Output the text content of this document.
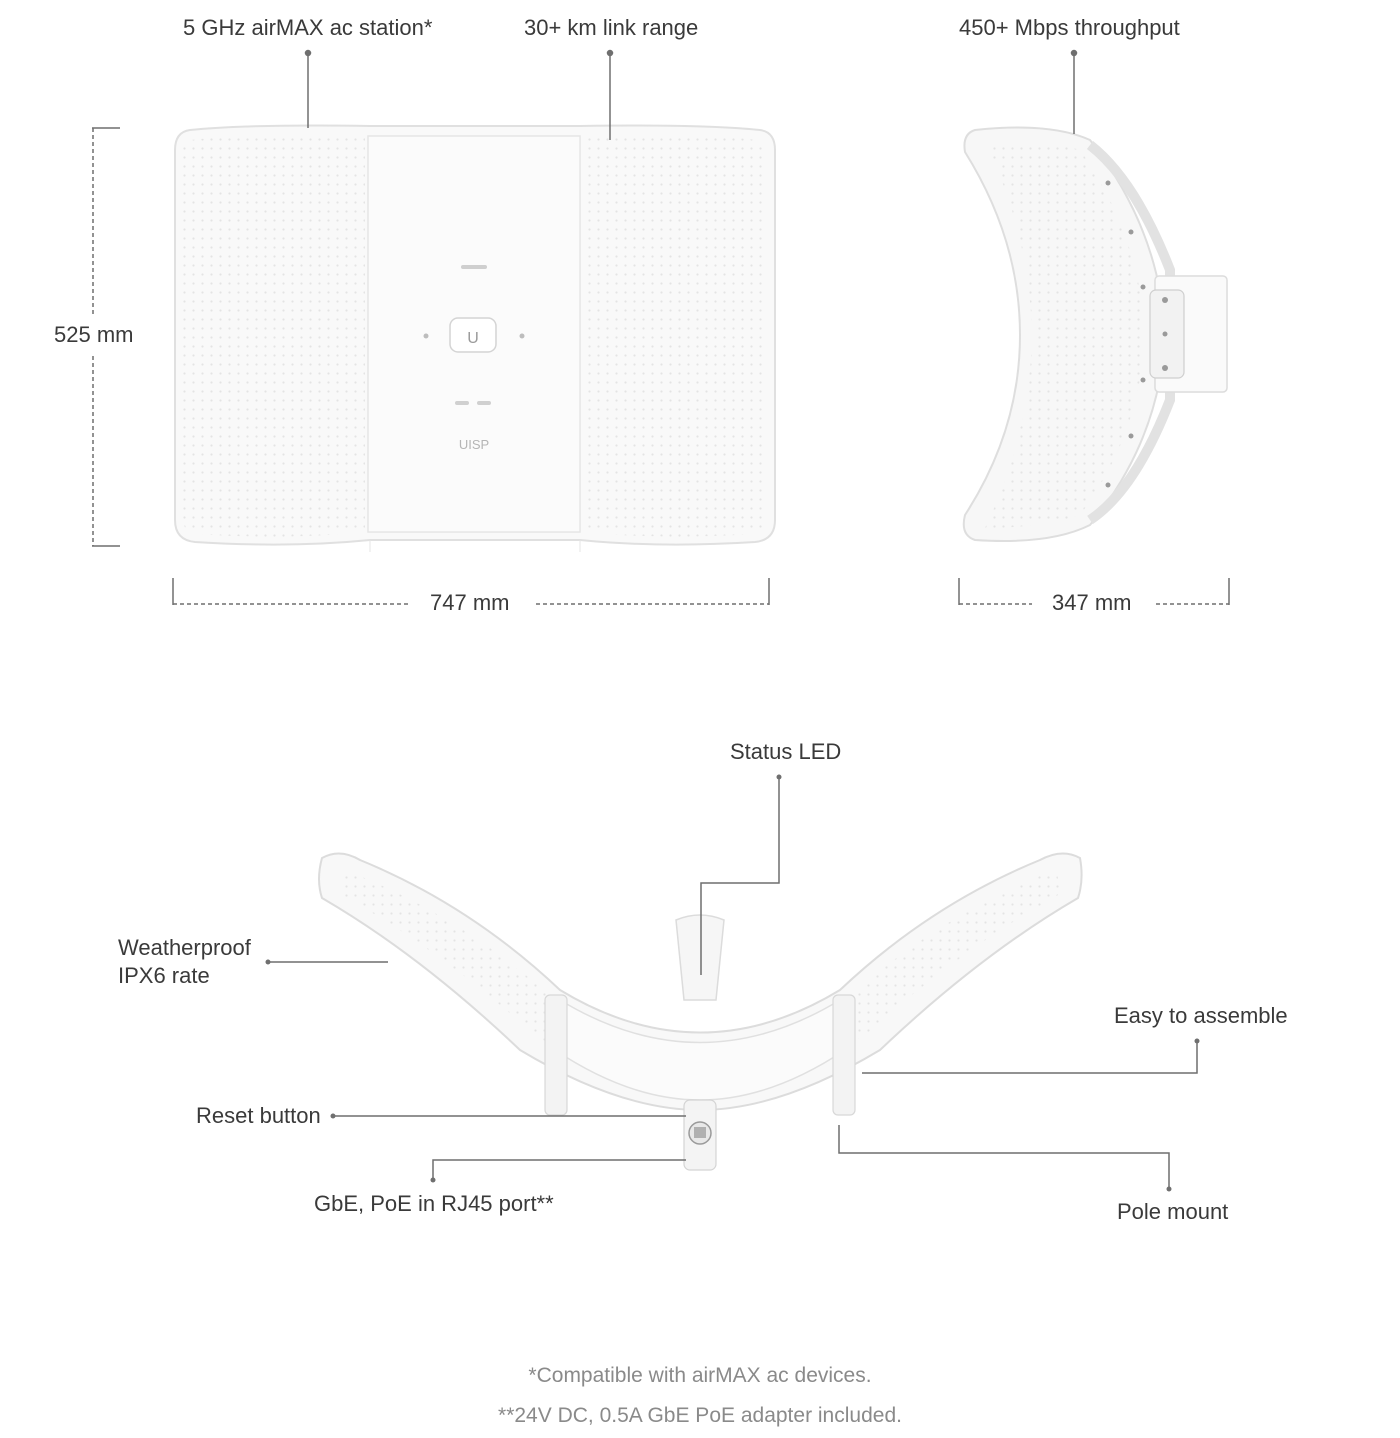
U
UISP
5 GHz airMAX ac station*	30+ km link range
525 mm
747 mm
450+ Mbps throughput
347 mm
Status LED
Weatherproof
IPX6 rate
Easy to assemble
Reset button
GbE, PoE in RJ45 port**	Pole mount
*Compatible with airMAX ac devices.
**24V DC, 0.5A GbE PoE adapter included.
